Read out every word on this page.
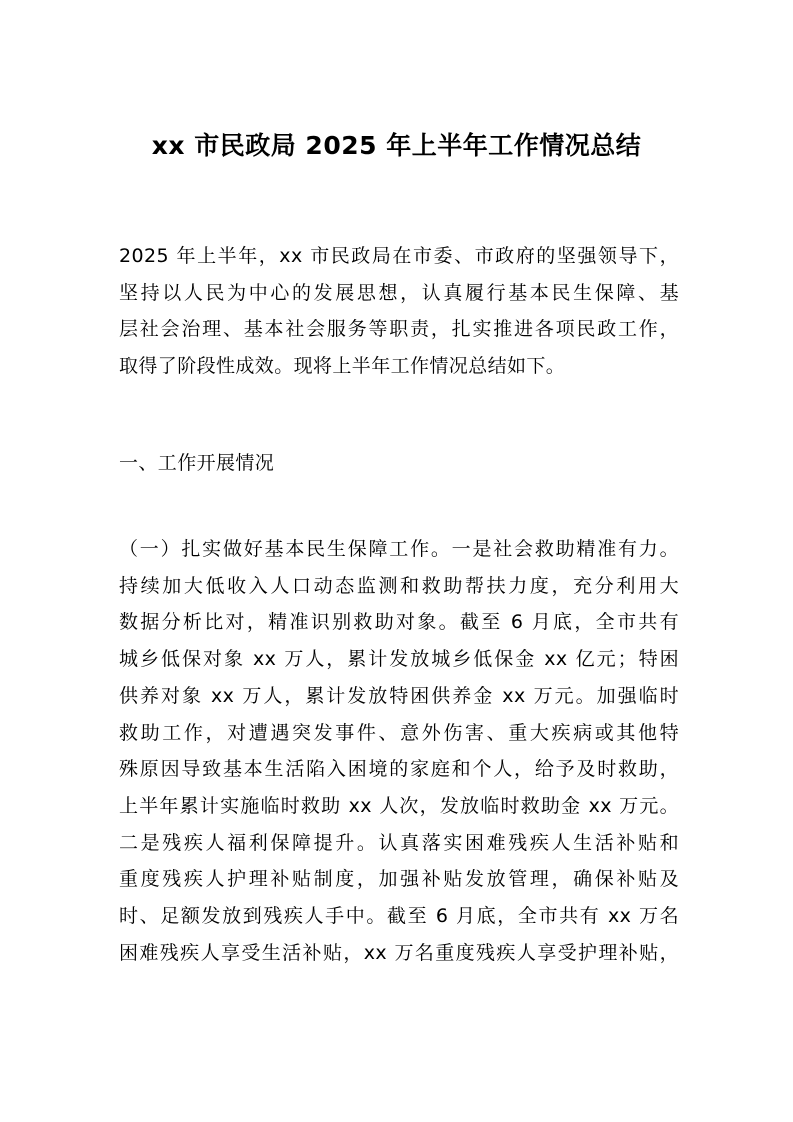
xx 市民政局 2025 年上半年工作情况总结
2025 年上半年，xx 市民政局在市委、市政府的坚强领导下，
坚持以人民为中心的发展思想，认真履行基本民生保障、基
层社会治理、基本社会服务等职责，扎实推进各项民政工作，
取得了阶段性成效。现将上半年工作情况总结如下。
一、工作开展情况
（一）扎实做好基本民生保障工作。一是社会救助精准有力。
持续加大低收入人口动态监测和救助帮扶力度，充分利用大
数据分析比对，精准识别救助对象。截至 6 月底，全市共有
城乡低保对象 xx 万人，累计发放城乡低保金 xx 亿元；特困
供养对象 xx 万人，累计发放特困供养金 xx 万元。加强临时
救助工作，对遭遇突发事件、意外伤害、重大疾病或其他特
殊原因导致基本生活陷入困境的家庭和个人，给予及时救助，
上半年累计实施临时救助 xx 人次，发放临时救助金 xx 万元。
二是残疾人福利保障提升。认真落实困难残疾人生活补贴和
重度残疾人护理补贴制度，加强补贴发放管理，确保补贴及
时、足额发放到残疾人手中。截至 6 月底，全市共有 xx 万名
困难残疾人享受生活补贴，xx 万名重度残疾人享受护理补贴，
